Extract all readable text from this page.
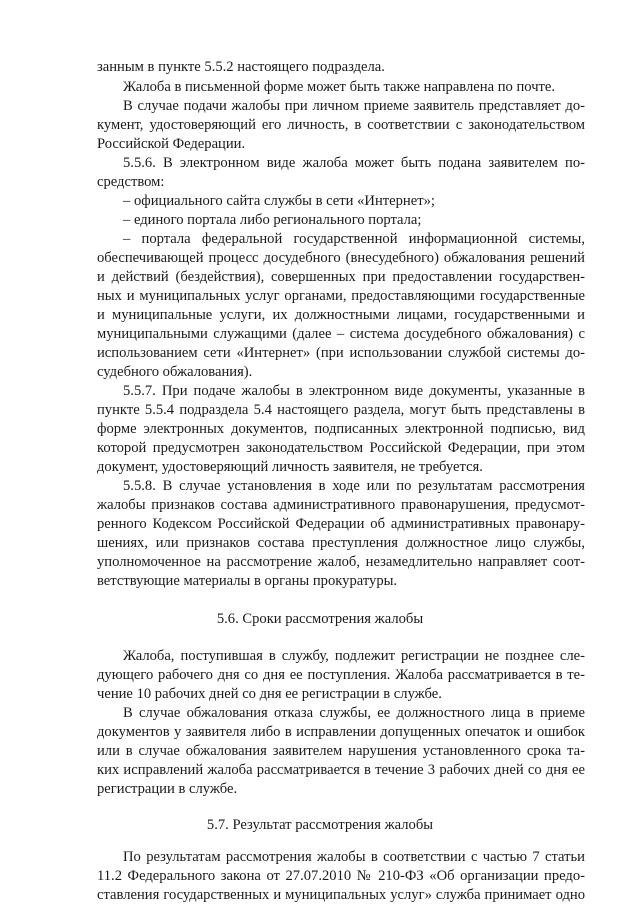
занным в пункте 5.5.2 настоящего подраздела.
Жалоба в письменной форме может быть также направлена по почте.
В случае подачи жалобы при личном приеме заявитель представляет до-
кумент, удостоверяющий его личность, в соответствии с законодательством
Российской Федерации.
5.5.6. В электронном виде жалоба может быть подана заявителем по-
средством:
– официального сайта службы в сети «Интернет»;
– единого портала либо регионального портала;
– портала федеральной государственной информационной системы,
обеспечивающей процесс досудебного (внесудебного) обжалования решений
и действий (бездействия), совершенных при предоставлении государствен-
ных и муниципальных услуг органами, предоставляющими государственные
и муниципальные услуги, их должностными лицами, государственными и
муниципальными служащими (далее – система досудебного обжалования) с
использованием сети «Интернет» (при использовании службой системы до-
судебного обжалования).
5.5.7. При подаче жалобы в электронном виде документы, указанные в
пункте 5.5.4 подраздела 5.4 настоящего раздела, могут быть представлены в
форме электронных документов, подписанных электронной подписью, вид
которой предусмотрен законодательством Российской Федерации, при этом
документ, удостоверяющий личность заявителя, не требуется.
5.5.8. В случае установления в ходе или по результатам рассмотрения
жалобы признаков состава административного правонарушения, предусмот-
ренного Кодексом Российской Федерации об административных правонару-
шениях, или признаков состава преступления должностное лицо службы,
уполномоченное на рассмотрение жалоб, незамедлительно направляет соот-
ветствующие материалы в органы прокуратуры.
5.6. Сроки рассмотрения жалобы
Жалоба, поступившая в службу, подлежит регистрации не позднее сле-
дующего рабочего дня со дня ее поступления. Жалоба рассматривается в те-
чение 10 рабочих дней со дня ее регистрации в службе.
В случае обжалования отказа службы, ее должностного лица в приеме
документов у заявителя либо в исправлении допущенных опечаток и ошибок
или в случае обжалования заявителем нарушения установленного срока та-
ких исправлений жалоба рассматривается в течение 3 рабочих дней со дня ее
регистрации в службе.
5.7. Результат рассмотрения жалобы
По результатам рассмотрения жалобы в соответствии с частью 7 статьи
11.2 Федерального закона от 27.07.2010 № 210-ФЗ «Об организации предо-
ставления государственных и муниципальных услуг» служба принимает одно
